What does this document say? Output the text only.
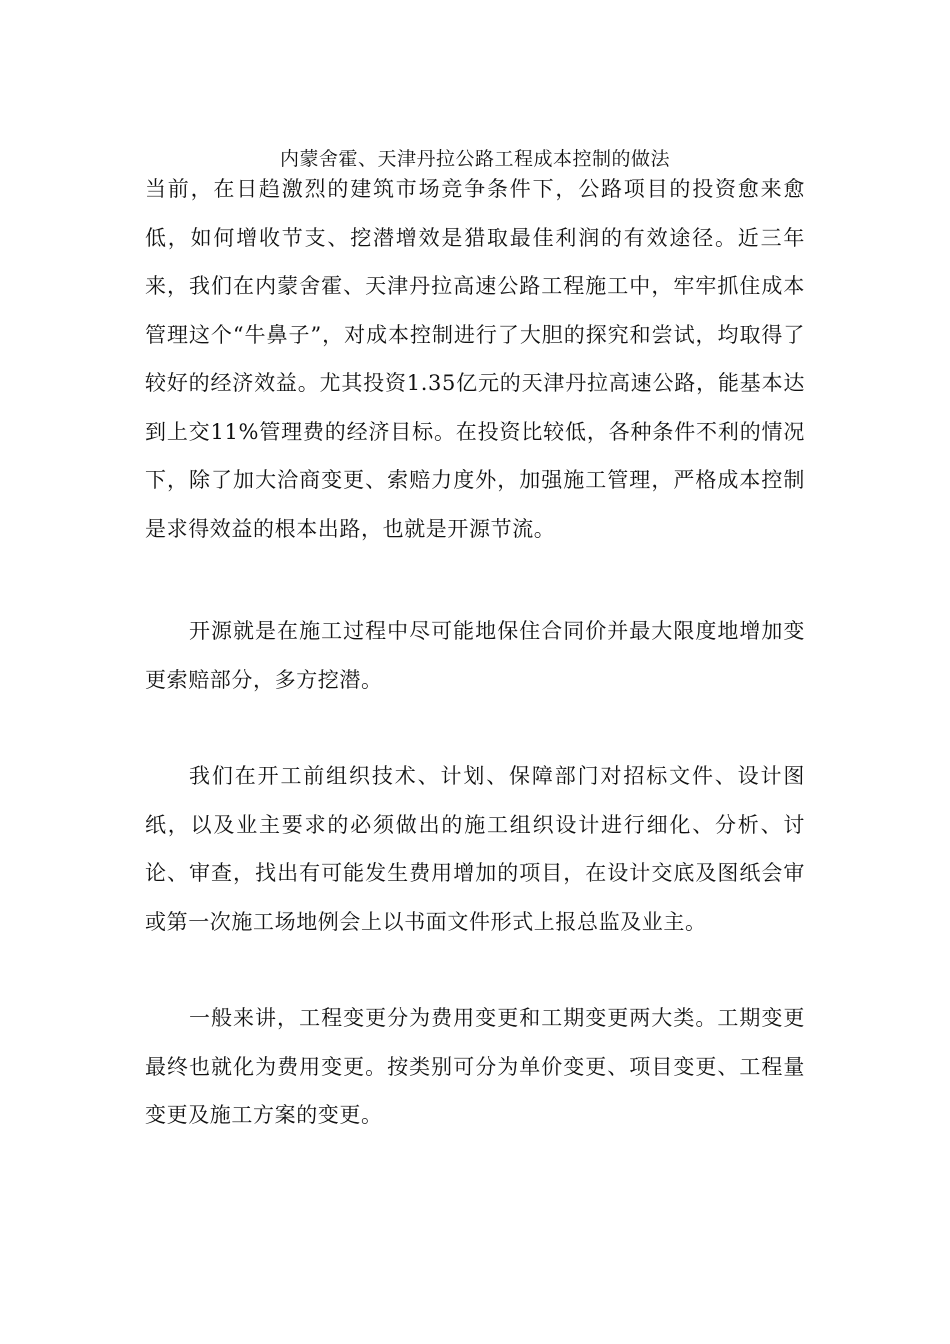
内蒙舍霍、天津丹拉公路工程成本控制的做法

当前，在日趋激烈的建筑市场竞争条件下，公路项目的投资愈来愈低，如何增收节支、挖潜增效是猎取最佳利润的有效途径。近三年来，我们在内蒙舍霍、天津丹拉高速公路工程施工中，牢牢抓住成本管理这个“牛鼻子”，对成本控制进行了大胆的探究和尝试，均取得了较好的经济效益。尤其投资1.35亿元的天津丹拉高速公路，能基本达到上交11%管理费的经济目标。在投资比较低，各种条件不利的情况下，除了加大洽商变更、索赔力度外，加强施工管理，严格成本控制是求得效益的根本出路，也就是开源节流。

开源就是在施工过程中尽可能地保住合同价并最大限度地增加变更索赔部分，多方挖潜。

我们在开工前组织技术、计划、保障部门对招标文件、设计图纸，以及业主要求的必须做出的施工组织设计进行细化、分析、讨论、审查，找出有可能发生费用增加的项目，在设计交底及图纸会审或第一次施工场地例会上以书面文件形式上报总监及业主。

一般来讲，工程变更分为费用变更和工期变更两大类。工期变更最终也就化为费用变更。按类别可分为单价变更、项目变更、工程量变更及施工方案的变更。
